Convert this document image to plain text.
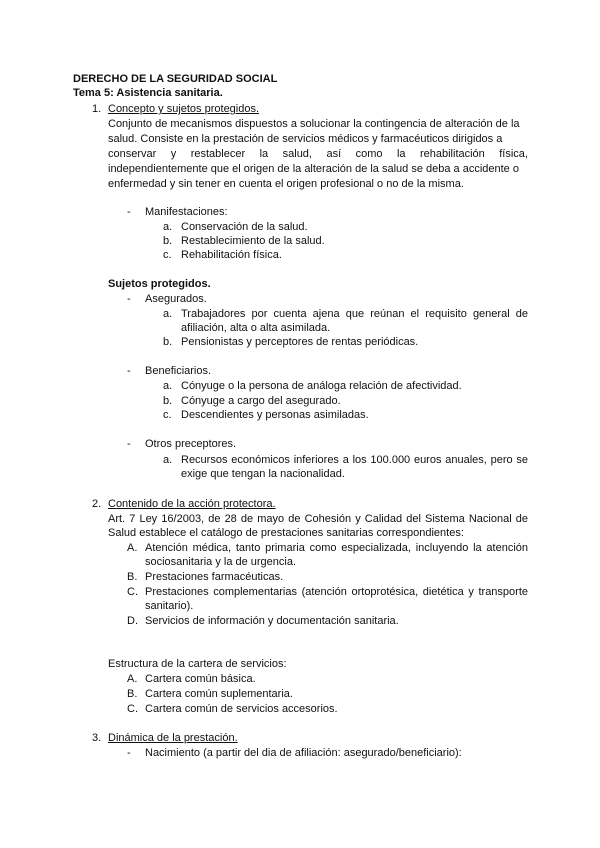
DERECHO DE LA SEGURIDAD SOCIAL
Tema 5: Asistencia sanitaria.
1. Concepto y sujetos protegidos.
Conjunto de mecanismos dispuestos a solucionar la contingencia de alteración de la
salud. Consiste en la prestación de servicios médicos y farmacéuticos dirigidos a
conservar y restablecer la salud, así como la rehabilitación física,
independientemente que el origen de la alteración de la salud se deba a accidente o
enfermedad y sin tener en cuenta el origen profesional o no de la misma.
- Manifestaciones:
a. Conservación de la salud.
b. Restablecimiento de la salud.
c. Rehabilitación física.
Sujetos protegidos.
- Asegurados.
a. Trabajadores por cuenta ajena que reúnan el requisito general de
afiliación, alta o alta asimilada.
b. Pensionistas y perceptores de rentas periódicas.
- Beneficiarios.
a. Cónyuge o la persona de análoga relación de afectividad.
b. Cónyuge a cargo del asegurado.
c. Descendientes y personas asimiladas.
- Otros preceptores.
a. Recursos económicos inferiores a los 100.000 euros anuales, pero se
exige que tengan la nacionalidad.
2. Contenido de la acción protectora.
Art. 7 Ley 16/2003, de 28 de mayo de Cohesión y Calidad del Sistema Nacional de
Salud establece el catálogo de prestaciones sanitarias correspondientes:
A. Atención médica, tanto primaria como especializada, incluyendo la atención
sociosanitaria y la de urgencia.
B. Prestaciones farmacéuticas.
C. Prestaciones complementarias (atención ortoprotésica, dietética y transporte
sanitario).
D. Servicios de información y documentación sanitaria.
Estructura de la cartera de servicios:
A. Cartera común básica.
B. Cartera común suplementaria.
C. Cartera común de servicios accesorios.
3. Dinámica de la prestación.
- Nacimiento (a partir del dia de afiliación: asegurado/beneficiario):
